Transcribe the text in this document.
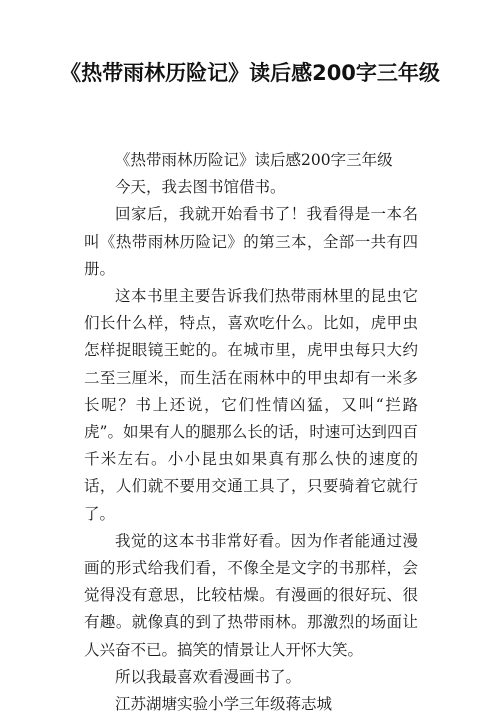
《热带雨林历险记》读后感200字三年级

《热带雨林历险记》读后感200字三年级

今天，我去图书馆借书。

回家后，我就开始看书了！我看得是一本名叫《热带雨林历险记》的第三本，全部一共有四册。

这本书里主要告诉我们热带雨林里的昆虫它们长什么样，特点，喜欢吃什么。比如，虎甲虫怎样捉眼镜王蛇的。在城市里，虎甲虫每只大约二至三厘米，而生活在雨林中的甲虫却有一米多长呢？书上还说，它们性情凶猛，又叫“拦路虎”。如果有人的腿那么长的话，时速可达到四百千米左右。小小昆虫如果真有那么快的速度的话，人们就不要用交通工具了，只要骑着它就行了。

我觉的这本书非常好看。因为作者能通过漫画的形式给我们看，不像全是文字的书那样，会觉得没有意思，比较枯燥。有漫画的很好玩、很有趣。就像真的到了热带雨林。那激烈的场面让人兴奋不已。搞笑的情景让人开怀大笑。

所以我最喜欢看漫画书了。

江苏湖塘实验小学三年级蒋志城
